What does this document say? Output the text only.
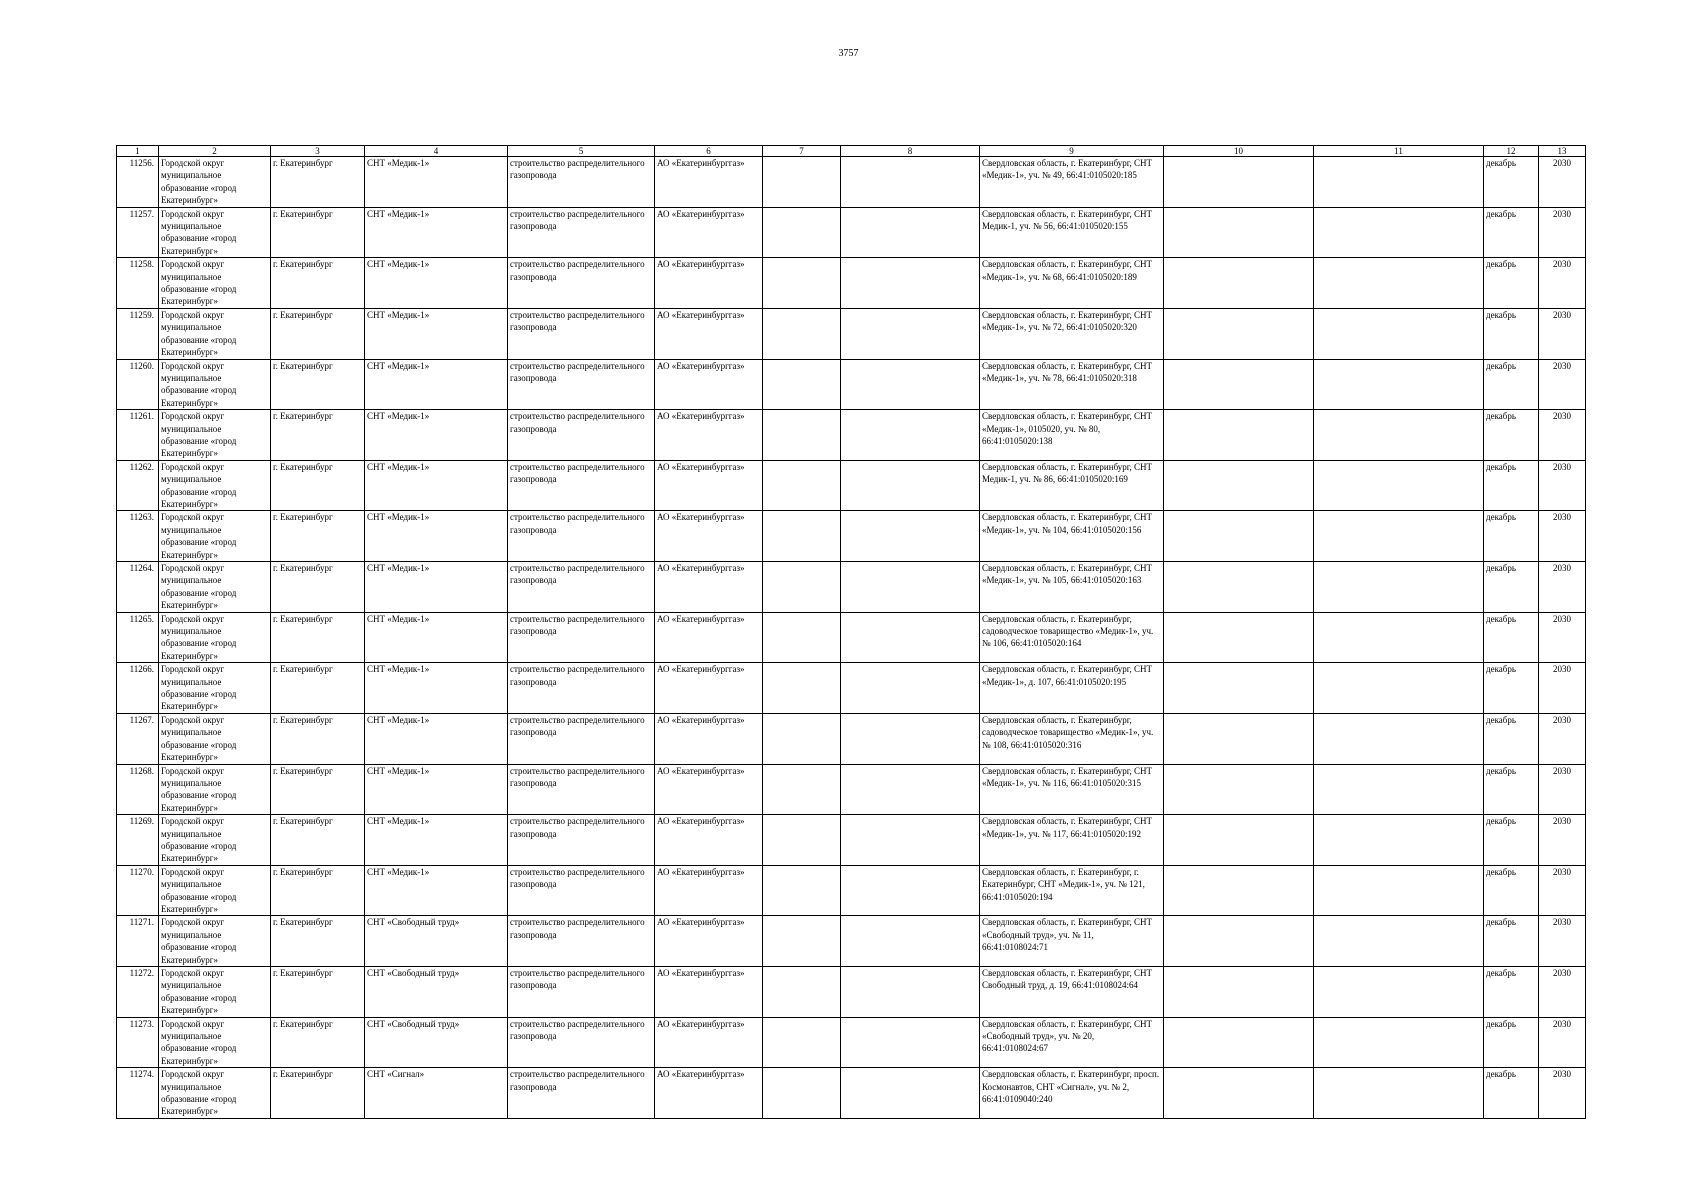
3757
1	2	3	4	5	6	7	8	9	10	11	12	13
11256.	Городской округ муниципальное образование «город Екатеринбург»	г. Екатеринбург	СНТ «Медик-1»	строительство распределительного газопровода	АО «Екатеринбурггаз»			Свердловская область, г. Екатеринбург, СНТ «Медик-1», уч. № 49, 66:41:0105020:185			декабрь	2030
11257.	Городской округ муниципальное образование «город Екатеринбург»	г. Екатеринбург	СНТ «Медик-1»	строительство распределительного газопровода	АО «Екатеринбурггаз»			Свердловская область, г. Екатеринбург, СНТ Медик-1, уч. № 56, 66:41:0105020:155			декабрь	2030
11258.	Городской округ муниципальное образование «город Екатеринбург»	г. Екатеринбург	СНТ «Медик-1»	строительство распределительного газопровода	АО «Екатеринбурггаз»			Свердловская область, г. Екатеринбург, СНТ «Медик-1», уч. № 68, 66:41:0105020:189			декабрь	2030
11259.	Городской округ муниципальное образование «город Екатеринбург»	г. Екатеринбург	СНТ «Медик-1»	строительство распределительного газопровода	АО «Екатеринбурггаз»			Свердловская область, г. Екатеринбург, СНТ «Медик-1», уч. № 72, 66:41:0105020:320			декабрь	2030
11260.	Городской округ муниципальное образование «город Екатеринбург»	г. Екатеринбург	СНТ «Медик-1»	строительство распределительного газопровода	АО «Екатеринбурггаз»			Свердловская область, г. Екатеринбург, СНТ «Медик-1», уч. № 78, 66:41:0105020:318			декабрь	2030
11261.	Городской округ муниципальное образование «город Екатеринбург»	г. Екатеринбург	СНТ «Медик-1»	строительство распределительного газопровода	АО «Екатеринбурггаз»			Свердловская область, г. Екатеринбург, СНТ «Медик-1», 0105020, уч. № 80, 66:41:0105020:138			декабрь	2030
11262.	Городской округ муниципальное образование «город Екатеринбург»	г. Екатеринбург	СНТ «Медик-1»	строительство распределительного газопровода	АО «Екатеринбурггаз»			Свердловская область, г. Екатеринбург, СНТ Медик-1, уч. № 86, 66:41:0105020:169			декабрь	2030
11263.	Городской округ муниципальное образование «город Екатеринбург»	г. Екатеринбург	СНТ «Медик-1»	строительство распределительного газопровода	АО «Екатеринбурггаз»			Свердловская область, г. Екатеринбург, СНТ «Медик-1», уч. № 104, 66:41:0105020:156			декабрь	2030
11264.	Городской округ муниципальное образование «город Екатеринбург»	г. Екатеринбург	СНТ «Медик-1»	строительство распределительного газопровода	АО «Екатеринбурггаз»			Свердловская область, г. Екатеринбург, СНТ «Медик-1», уч. № 105, 66:41:0105020:163			декабрь	2030
11265.	Городской округ муниципальное образование «город Екатеринбург»	г. Екатеринбург	СНТ «Медик-1»	строительство распределительного газопровода	АО «Екатеринбурггаз»			Свердловская область, г. Екатеринбург, садоводческое товарищество «Медик-1», уч. № 106, 66:41:0105020:164			декабрь	2030
11266.	Городской округ муниципальное образование «город Екатеринбург»	г. Екатеринбург	СНТ «Медик-1»	строительство распределительного газопровода	АО «Екатеринбурггаз»			Свердловская область, г. Екатеринбург, СНТ «Медик-1», д. 107, 66:41:0105020:195			декабрь	2030
11267.	Городской округ муниципальное образование «город Екатеринбург»	г. Екатеринбург	СНТ «Медик-1»	строительство распределительного газопровода	АО «Екатеринбурггаз»			Свердловская область, г. Екатеринбург, садоводческое товарищество «Медик-1», уч. № 108, 66:41:0105020:316			декабрь	2030
11268.	Городской округ муниципальное образование «город Екатеринбург»	г. Екатеринбург	СНТ «Медик-1»	строительство распределительного газопровода	АО «Екатеринбурггаз»			Свердловская область, г. Екатеринбург, СНТ «Медик-1», уч. № 116, 66:41:0105020:315			декабрь	2030
11269.	Городской округ муниципальное образование «город Екатеринбург»	г. Екатеринбург	СНТ «Медик-1»	строительство распределительного газопровода	АО «Екатеринбурггаз»			Свердловская область, г. Екатеринбург, СНТ «Медик-1», уч. № 117, 66:41:0105020:192			декабрь	2030
11270.	Городской округ муниципальное образование «город Екатеринбург»	г. Екатеринбург	СНТ «Медик-1»	строительство распределительного газопровода	АО «Екатеринбурггаз»			Свердловская область, г. Екатеринбург, г. Екатеринбург, СНТ «Медик-1», уч. № 121, 66:41:0105020:194			декабрь	2030
11271.	Городской округ муниципальное образование «город Екатеринбург»	г. Екатеринбург	СНТ «Свободный труд»	строительство распределительного газопровода	АО «Екатеринбурггаз»			Свердловская область, г. Екатеринбург, СНТ «Свободный труд», уч. № 11, 66:41:0108024:71			декабрь	2030
11272.	Городской округ муниципальное образование «город Екатеринбург»	г. Екатеринбург	СНТ «Свободный труд»	строительство распределительного газопровода	АО «Екатеринбурггаз»			Свердловская область, г. Екатеринбург, СНТ Свободный труд, д. 19, 66:41:0108024:64			декабрь	2030
11273.	Городской округ муниципальное образование «город Екатеринбург»	г. Екатеринбург	СНТ «Свободный труд»	строительство распределительного газопровода	АО «Екатеринбурггаз»			Свердловская область, г. Екатеринбург, СНТ «Свободный труд», уч. № 20, 66:41:0108024:67			декабрь	2030
11274.	Городской округ муниципальное образование «город Екатеринбург»	г. Екатеринбург	СНТ «Сигнал»	строительство распределительного газопровода	АО «Екатеринбурггаз»			Свердловская область, г. Екатеринбург, просп. Космонавтов, СНТ «Сигнал», уч. № 2, 66:41:0109040:240			декабрь	2030
